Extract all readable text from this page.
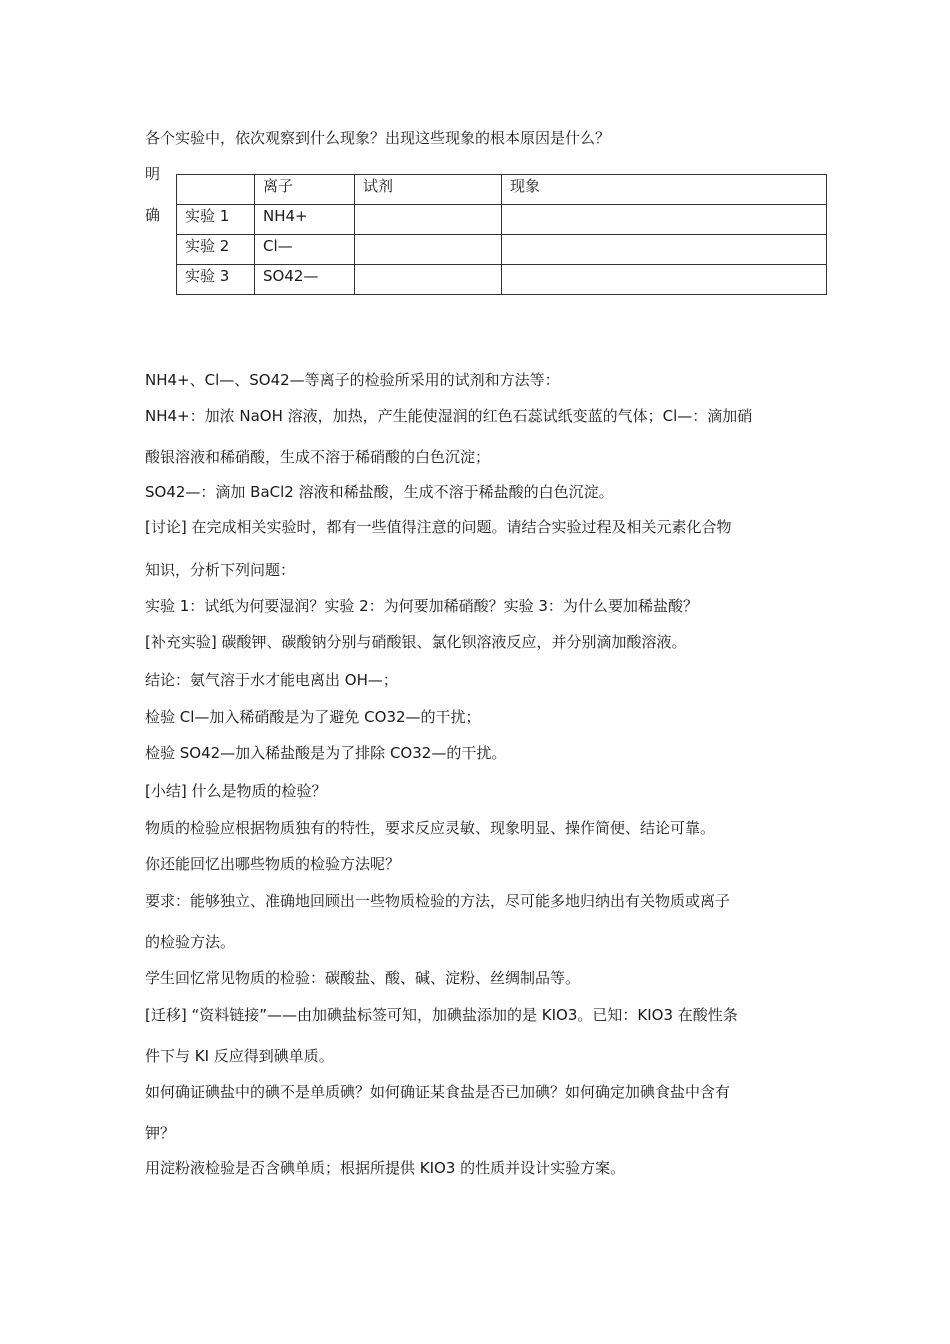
各个实验中，依次观察到什么现象？出现这些现象的根本原因是什么？
明
确
	离子	试剂	现象
实验 1	NH4+		
实验 2	Cl—		
实验 3	SO42—		
NH4+、Cl—、SO42—等离子的检验所采用的试剂和方法等：
NH4+：加浓 NaOH 溶液，加热，产生能使湿润的红色石蕊试纸变蓝的气体；Cl—：滴加硝
酸银溶液和稀硝酸，生成不溶于稀硝酸的白色沉淀；
SO42—：滴加 BaCl2 溶液和稀盐酸，生成不溶于稀盐酸的白色沉淀。
[讨论] 在完成相关实验时，都有一些值得注意的问题。请结合实验过程及相关元素化合物
知识，分析下列问题：
实验 1：试纸为何要湿润？实验 2：为何要加稀硝酸？实验 3：为什么要加稀盐酸？
[补充实验] 碳酸钾、碳酸钠分别与硝酸银、氯化钡溶液反应，并分别滴加酸溶液。
结论：氨气溶于水才能电离出 OH—；
检验 Cl—加入稀硝酸是为了避免 CO32—的干扰；
检验 SO42—加入稀盐酸是为了排除 CO32—的干扰。
[小结] 什么是物质的检验？
物质的检验应根据物质独有的特性，要求反应灵敏、现象明显、操作简便、结论可靠。
你还能回忆出哪些物质的检验方法呢？
要求：能够独立、准确地回顾出一些物质检验的方法，尽可能多地归纳出有关物质或离子
的检验方法。
学生回忆常见物质的检验：碳酸盐、酸、碱、淀粉、丝绸制品等。
[迁移] “资料链接”——由加碘盐标签可知，加碘盐添加的是 KIO3。已知：KIO3 在酸性条
件下与 KI 反应得到碘单质。
如何确证碘盐中的碘不是单质碘？如何确证某食盐是否已加碘？如何确定加碘食盐中含有
钾？
用淀粉液检验是否含碘单质；根据所提供 KIO3 的性质并设计实验方案。
